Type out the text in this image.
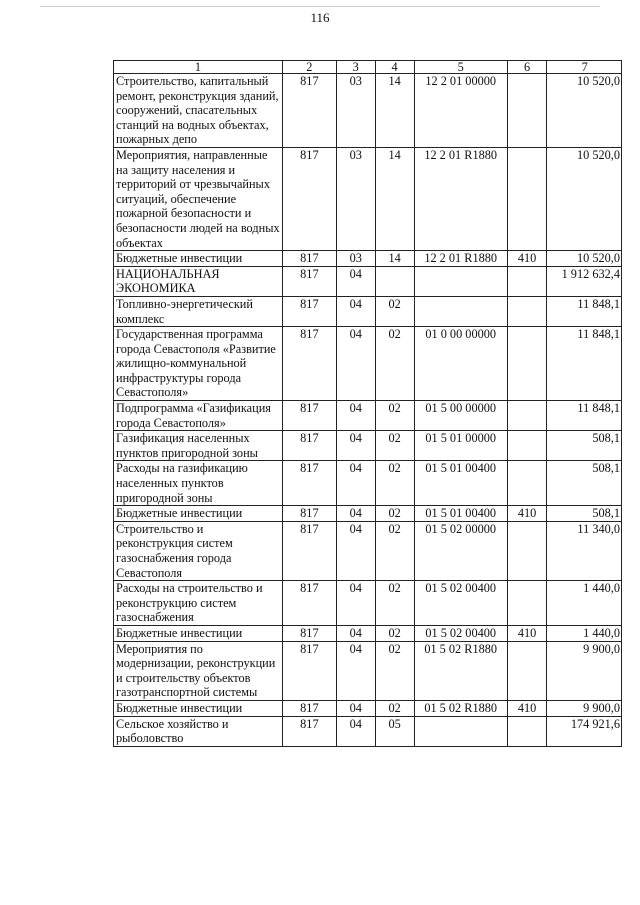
116
1	2	3	4	5	6	7
Строительство, капитальный ремонт, реконструкция зданий, сооружений, спасательных станций на водных объектах, пожарных депо	817	03	14	12 2 01 00000		10 520,0
Мероприятия, направленные на защиту населения и территорий от чрезвычайных ситуаций, обеспечение пожарной безопасности и безопасности людей на водных объектах	817	03	14	12 2 01 R1880		10 520,0
Бюджетные инвестиции	817	03	14	12 2 01 R1880	410	10 520,0
НАЦИОНАЛЬНАЯ ЭКОНОМИКА	817	04				1 912 632,4
Топливно-энергетический комплекс	817	04	02			11 848,1
Государственная программа города Севастополя «Развитие жилищно-коммунальной инфраструктуры города Севастополя»	817	04	02	01 0 00 00000		11 848,1
Подпрограмма «Газификация города Севастополя»	817	04	02	01 5 00 00000		11 848,1
Газификация населенных пунктов пригородной зоны	817	04	02	01 5 01 00000		508,1
Расходы на газификацию населенных пунктов пригородной зоны	817	04	02	01 5 01 00400		508,1
Бюджетные инвестиции	817	04	02	01 5 01 00400	410	508,1
Строительство и реконструкция систем газоснабжения города Севастополя	817	04	02	01 5 02 00000		11 340,0
Расходы на строительство и реконструкцию систем газоснабжения	817	04	02	01 5 02 00400		1 440,0
Бюджетные инвестиции	817	04	02	01 5 02 00400	410	1 440,0
Мероприятия по модернизации, реконструкции и строительству объектов газотранспортной системы	817	04	02	01 5 02 R1880		9 900,0
Бюджетные инвестиции	817	04	02	01 5 02 R1880	410	9 900,0
Сельское хозяйство и рыболовство	817	04	05			174 921,6
